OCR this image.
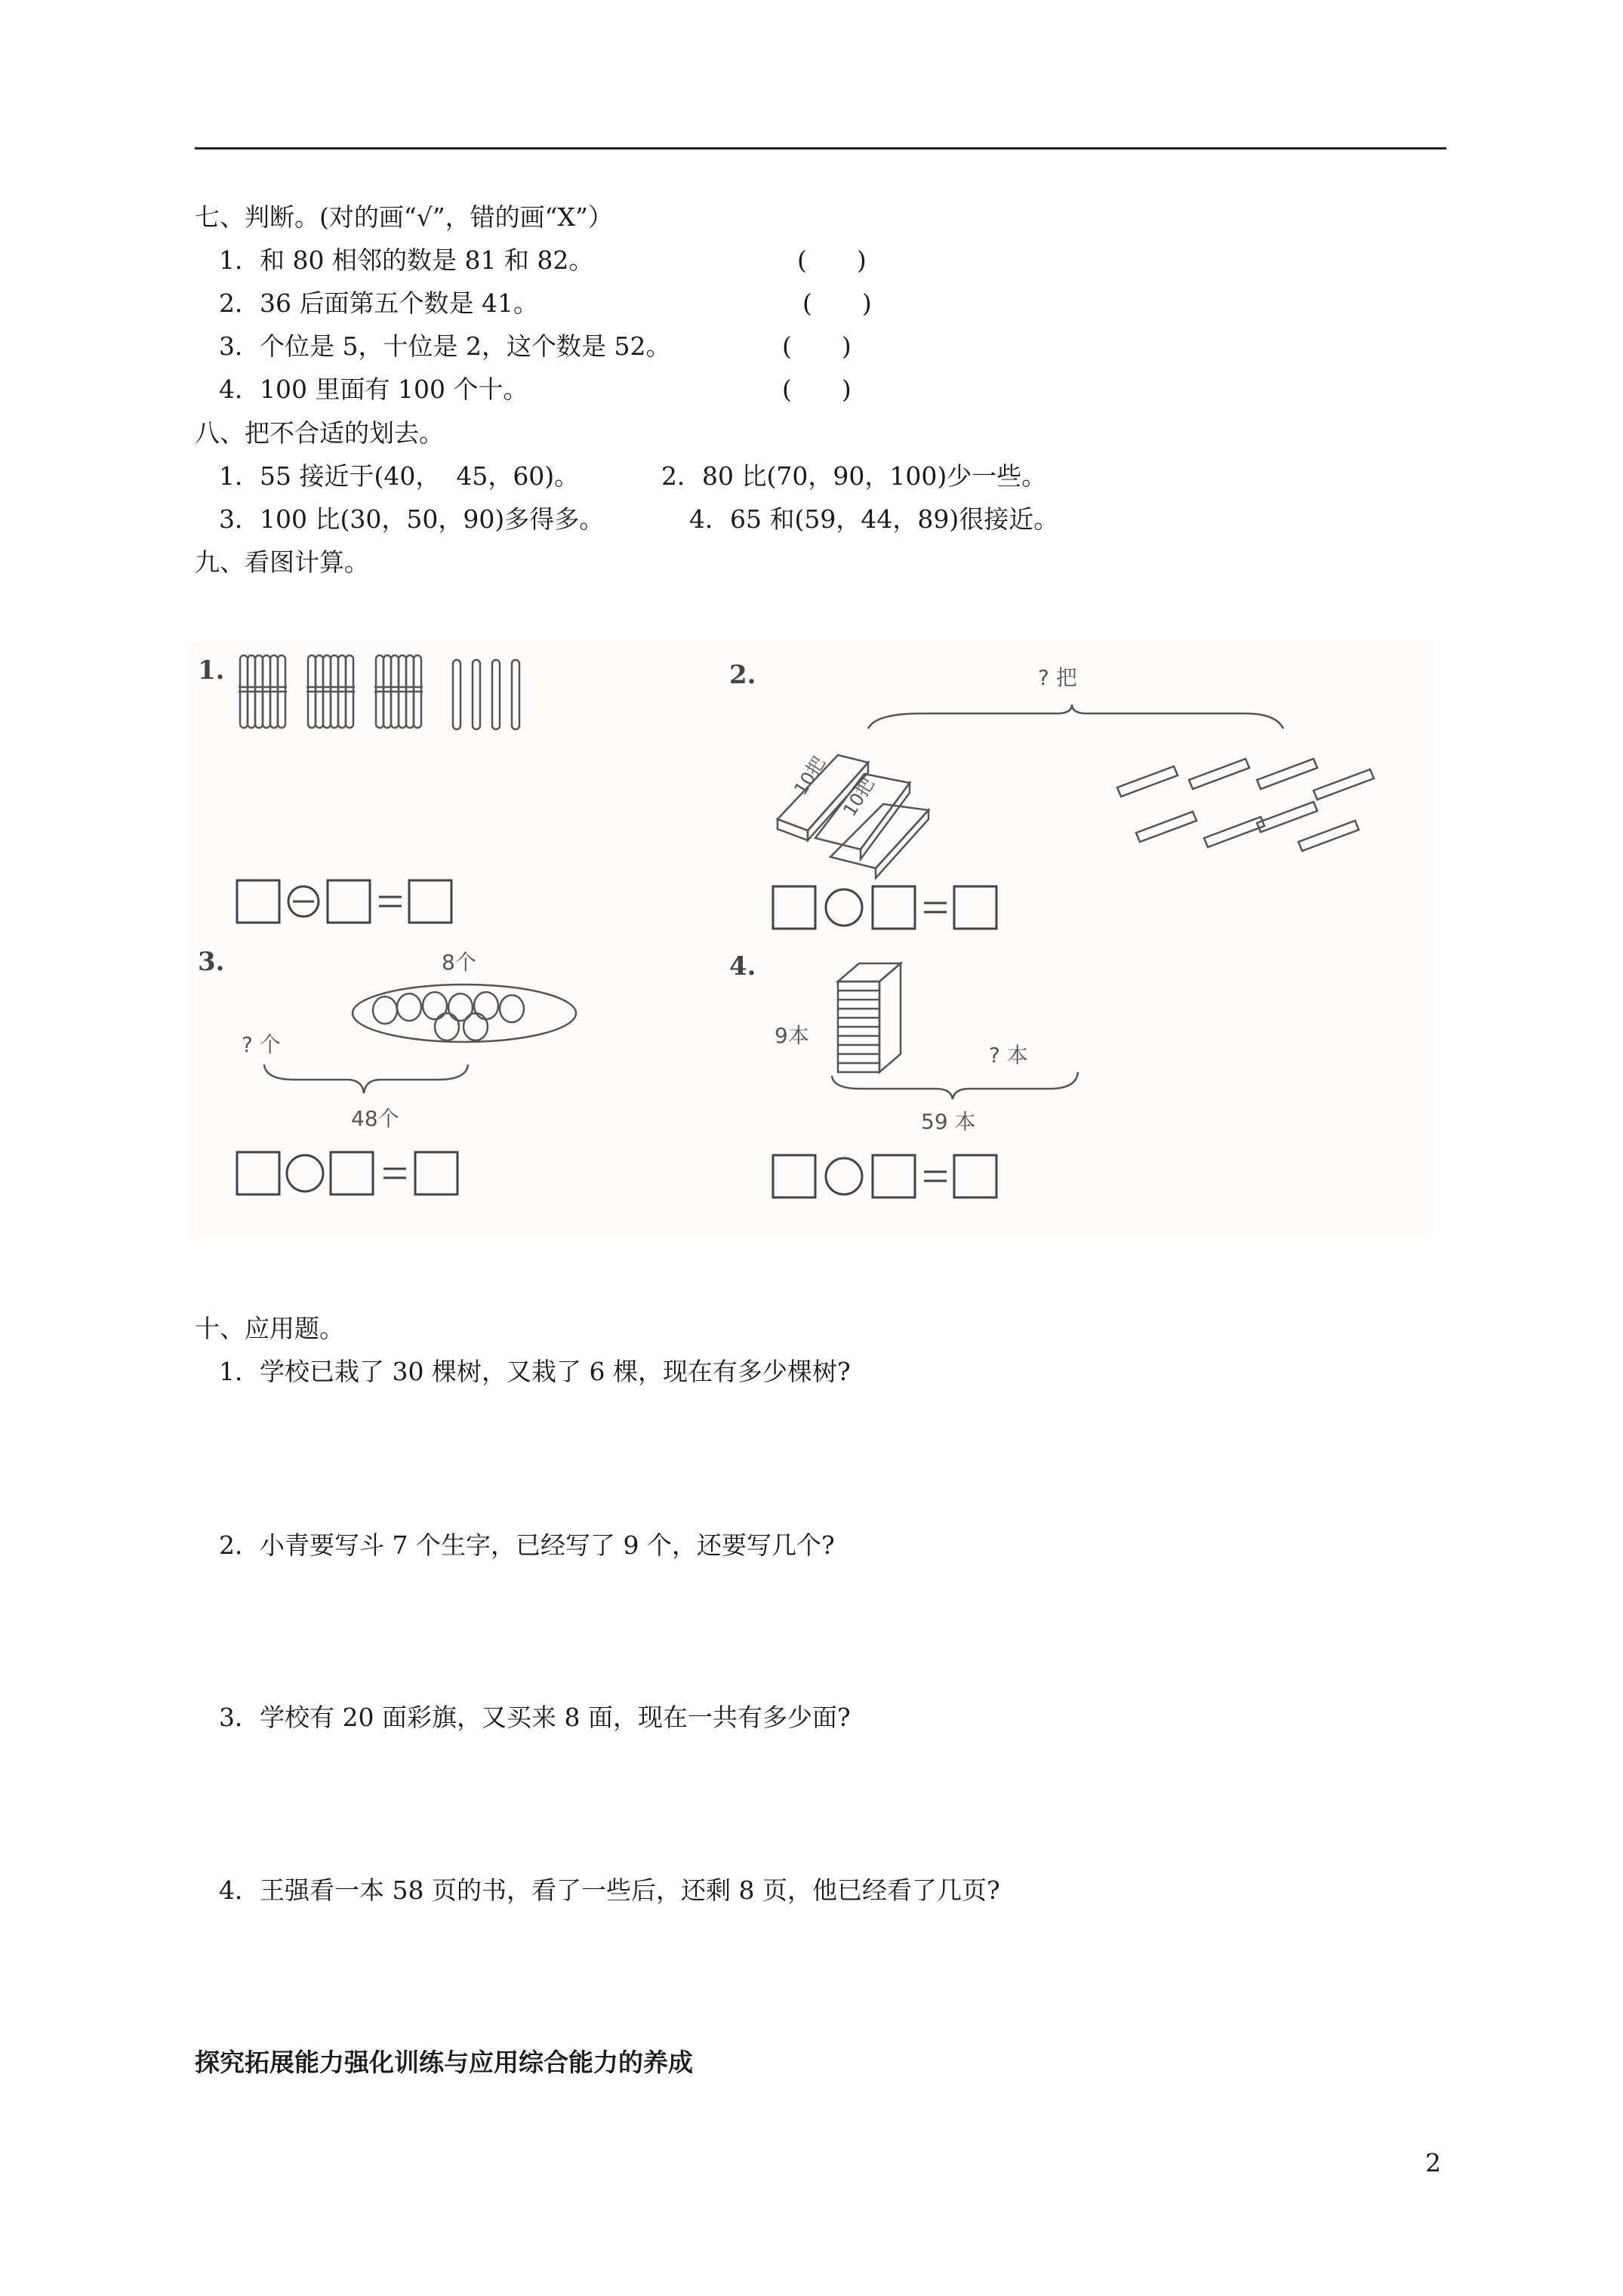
七、判断。(对的画“√”，错的画“X”）
1．和 80 相邻的数是 81 和 82。	(　　)
2．36 后面第五个数是 41。	(　　)
3．个位是 5，十位是 2，这个数是 52。	(　　)
4．100 里面有 100 个十。	(　　)
八、把不合适的划去。
1．55 接近于(40，  45，60)。	2．80 比(70，90，100)少一些。
3．100 比(30，50，90)多得多。	4．65 和(59，44，89)很接近。
九、看图计算。
1.	2.	? 把
10把 10把
3.	8个
? 个
48个
4.
9本
? 本
59 本
十、应用题。
1．学校已栽了 30 棵树，又栽了 6 棵，现在有多少棵树?
2．小青要写斗 7 个生字，已经写了 9 个，还要写几个?
3．学校有 20 面彩旗，又买来 8 面，现在一共有多少面?
4．王强看一本 58 页的书，看了一些后，还剩 8 页，他已经看了几页?
探究拓展能力强化训练与应用综合能力的养成
2
